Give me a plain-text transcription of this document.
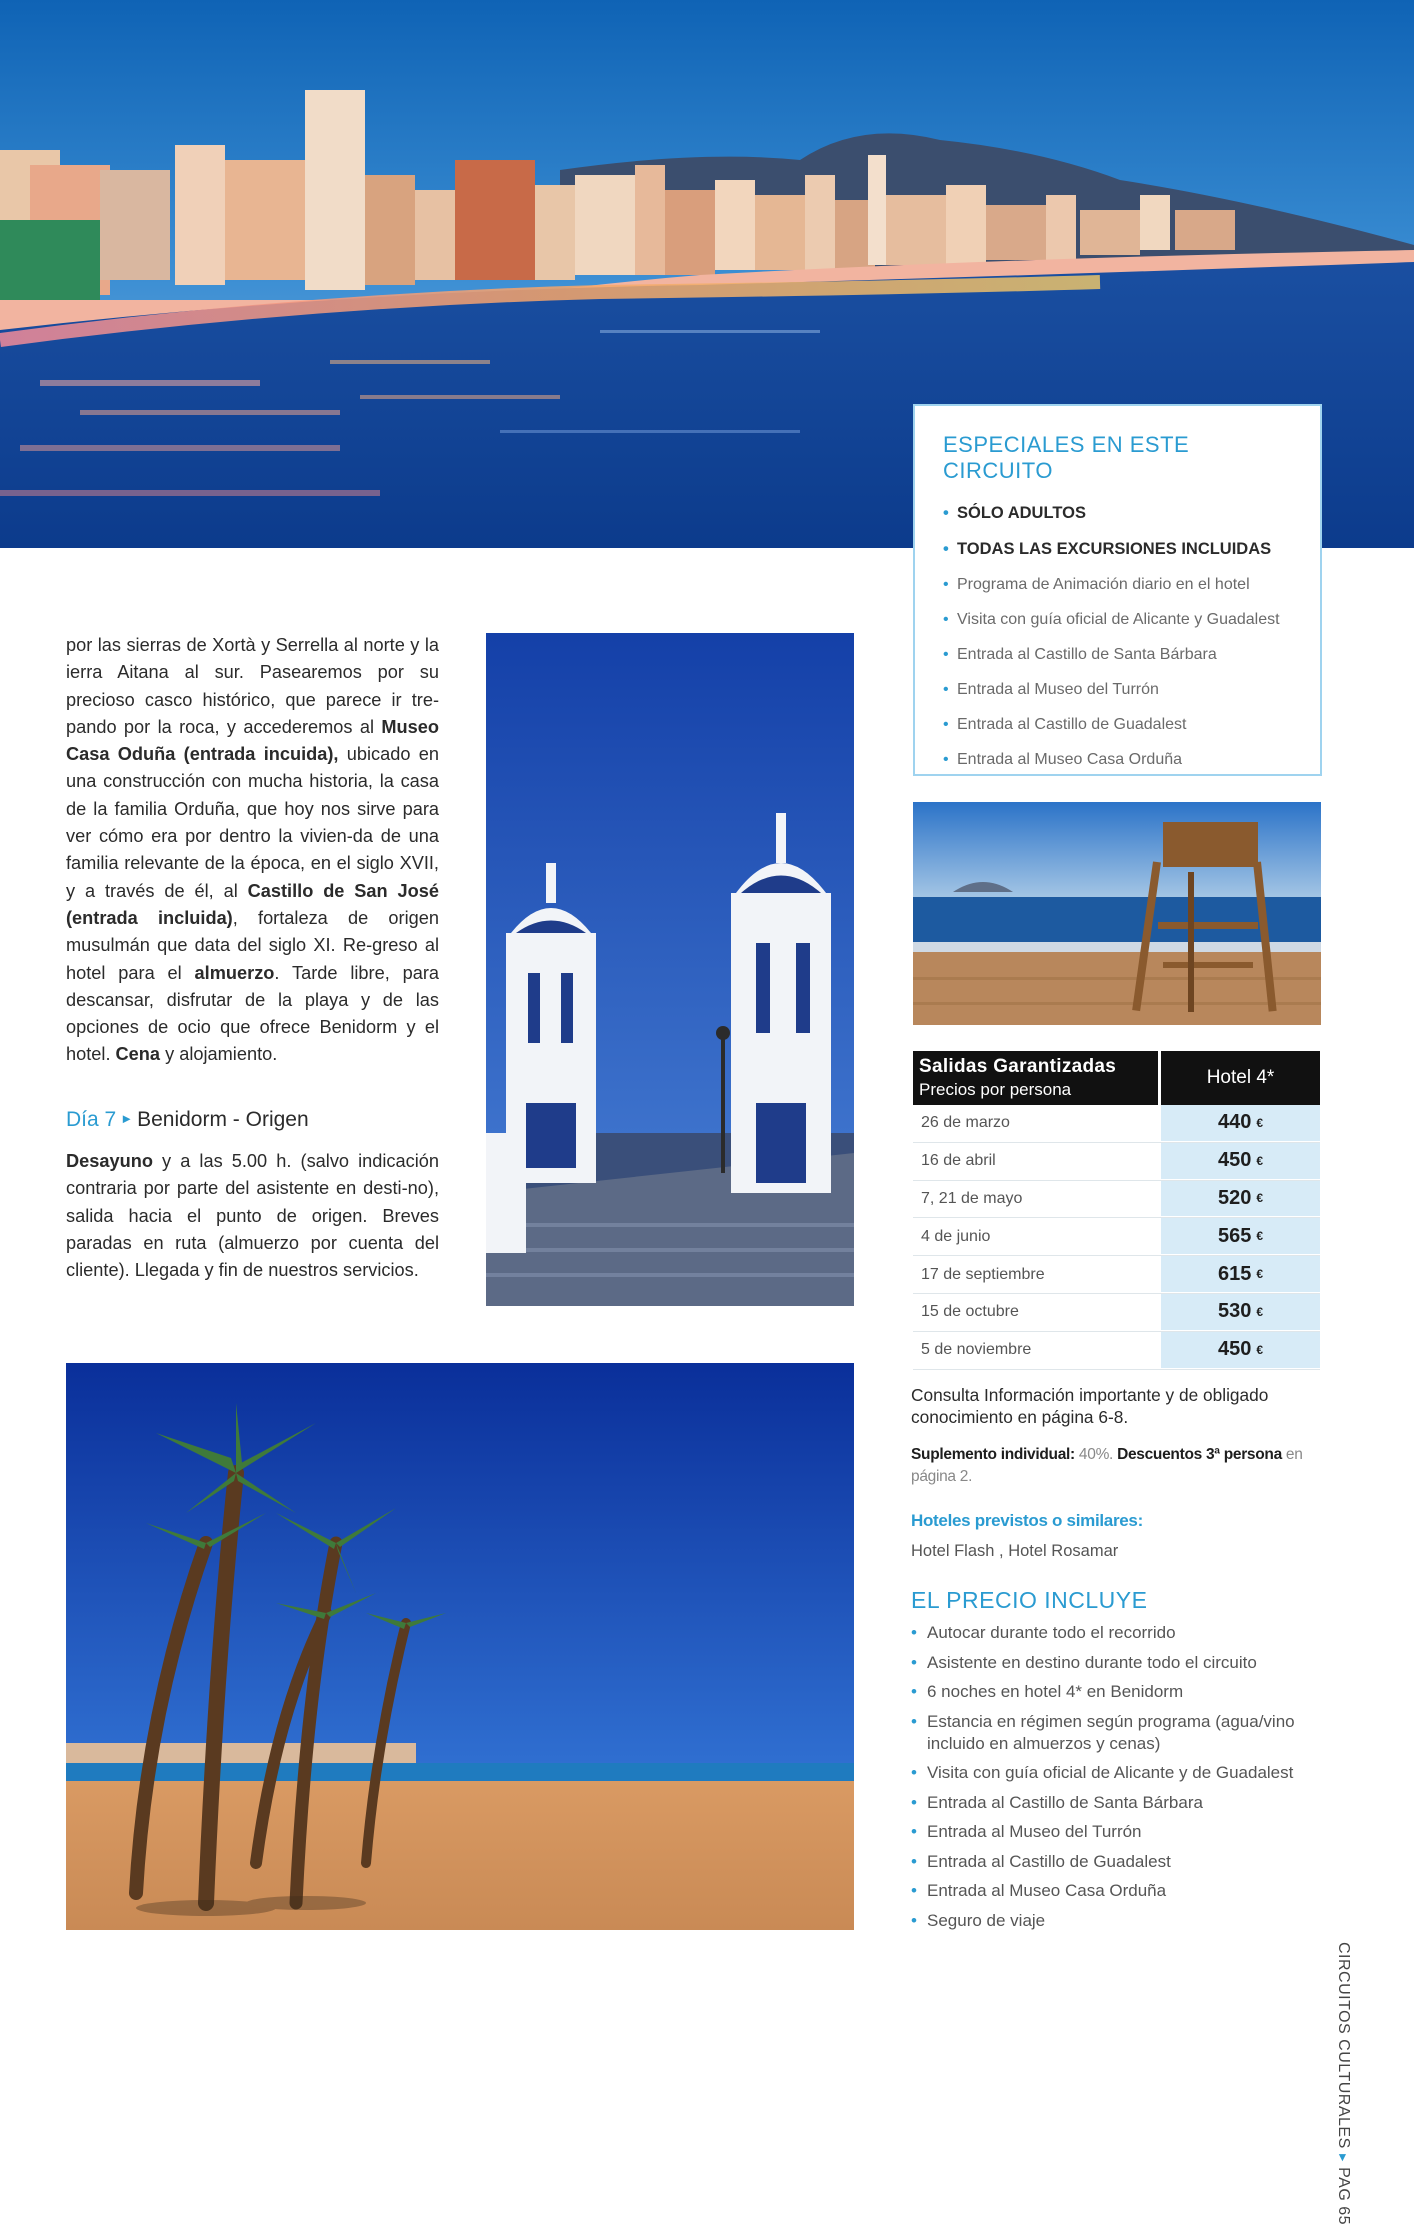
ESPECIALES EN ESTE CIRCUITO
• SÓLO ADULTOS
• TODAS LAS EXCURSIONES INCLUIDAS
• Programa de Animación diario en el hotel
• Visita con guía oficial de Alicante y Guadalest
• Entrada al Castillo de Santa Bárbara
• Entrada al Museo del Turrón
• Entrada al Castillo de Guadalest
• Entrada al Museo Casa Orduña
por las sierras de Xortà y Serrella al norte y la ierra Aitana al sur. Pasearemos por su precioso casco histórico, que parece ir tre-pando por la roca, y accederemos al Museo Casa Oduña (entrada incuida), ubicado en una construcción con mucha historia, la casa de la familia Orduña, que hoy nos sirve para ver cómo era por dentro la vivien-da de una familia relevante de la época, en el siglo XVII, y a través de él, al Castillo de San José (entrada incluida), fortaleza de origen musulmán que data del siglo XI. Re-greso al hotel para el almuerzo. Tarde libre, para descansar, disfrutar de la playa y de las opciones de ocio que ofrece Benidorm y el hotel. Cena y alojamiento.
Día 7 ► Benidorm - Origen
Desayuno y a las 5.00 h. (salvo indicación contraria por parte del asistente en desti-no), salida hacia el punto de origen. Breves paradas en ruta (almuerzo por cuenta del cliente). Llegada y fin de nuestros servicios.
Salidas Garantizadas
Precios por persona
Hotel 4*
26 de marzo	440 €
16 de abril	450 €
7, 21 de mayo	520 €
4 de junio	565 €
17 de septiembre	615 €
15 de octubre	530 €
5 de noviembre	450 €
Consulta Información importante y de obligado conocimiento en página 6-8.
Suplemento individual: 40%. Descuentos 3ª persona en página 2.
Hoteles previstos o similares:
Hotel Flash , Hotel Rosamar
EL PRECIO INCLUYE
• Autocar durante todo el recorrido
• Asistente en destino durante todo el circuito
• 6 noches en hotel 4* en Benidorm
• Estancia en régimen según programa (agua/vino incluido en almuerzos y cenas)
• Visita con guía oficial de Alicante y de Guadalest
• Entrada al Castillo de Santa Bárbara
• Entrada al Museo del Turrón
• Entrada al Castillo de Guadalest
• Entrada al Museo Casa Orduña
• Seguro de viaje
CIRCUITOS CULTURALES►PAG 65
